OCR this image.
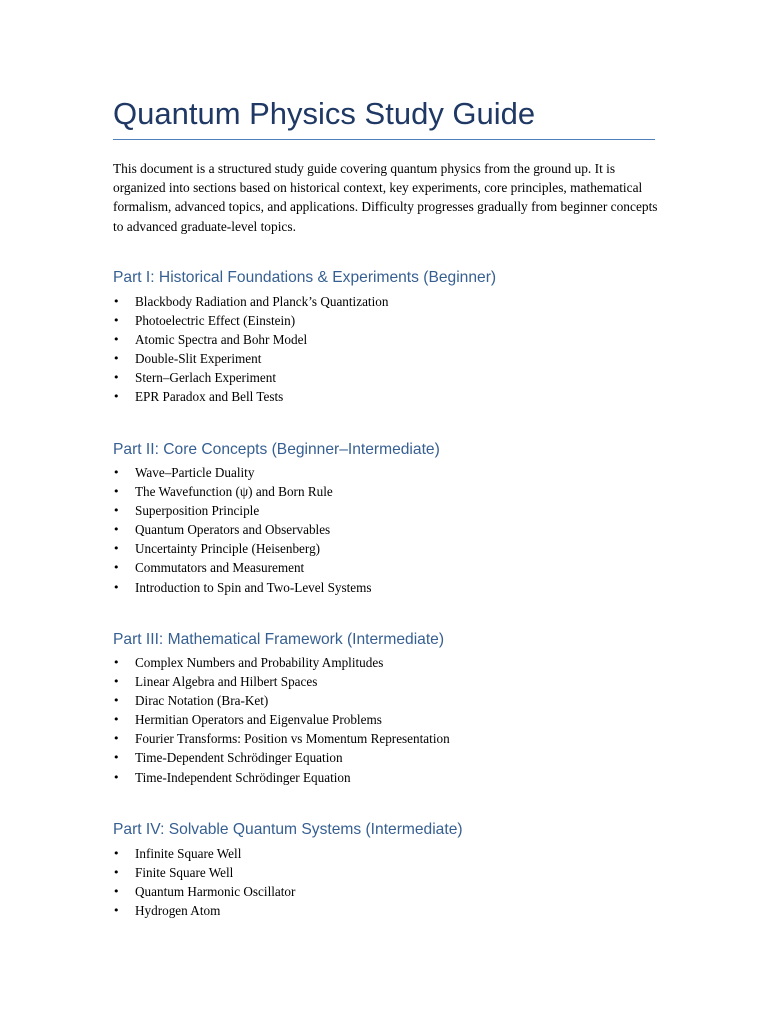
Quantum Physics Study Guide

This document is a structured study guide covering quantum physics from the ground up. It is organized into sections based on historical context, key experiments, core principles, mathematical formalism, advanced topics, and applications. Difficulty progresses gradually from beginner concepts to advanced graduate-level topics.

Part I: Historical Foundations & Experiments (Beginner)
•	Blackbody Radiation and Planck’s Quantization
•	Photoelectric Effect (Einstein)
•	Atomic Spectra and Bohr Model
•	Double-Slit Experiment
•	Stern–Gerlach Experiment
•	EPR Paradox and Bell Tests
Part II: Core Concepts (Beginner–Intermediate)
•	Wave–Particle Duality
•	The Wavefunction (ψ) and Born Rule
•	Superposition Principle
•	Quantum Operators and Observables
•	Uncertainty Principle (Heisenberg)
•	Commutators and Measurement
•	Introduction to Spin and Two-Level Systems
Part III: Mathematical Framework (Intermediate)
•	Complex Numbers and Probability Amplitudes
•	Linear Algebra and Hilbert Spaces
•	Dirac Notation (Bra-Ket)
•	Hermitian Operators and Eigenvalue Problems
•	Fourier Transforms: Position vs Momentum Representation
•	Time-Dependent Schrödinger Equation
•	Time-Independent Schrödinger Equation
Part IV: Solvable Quantum Systems (Intermediate)
•	Infinite Square Well
•	Finite Square Well
•	Quantum Harmonic Oscillator
•	Hydrogen Atom
